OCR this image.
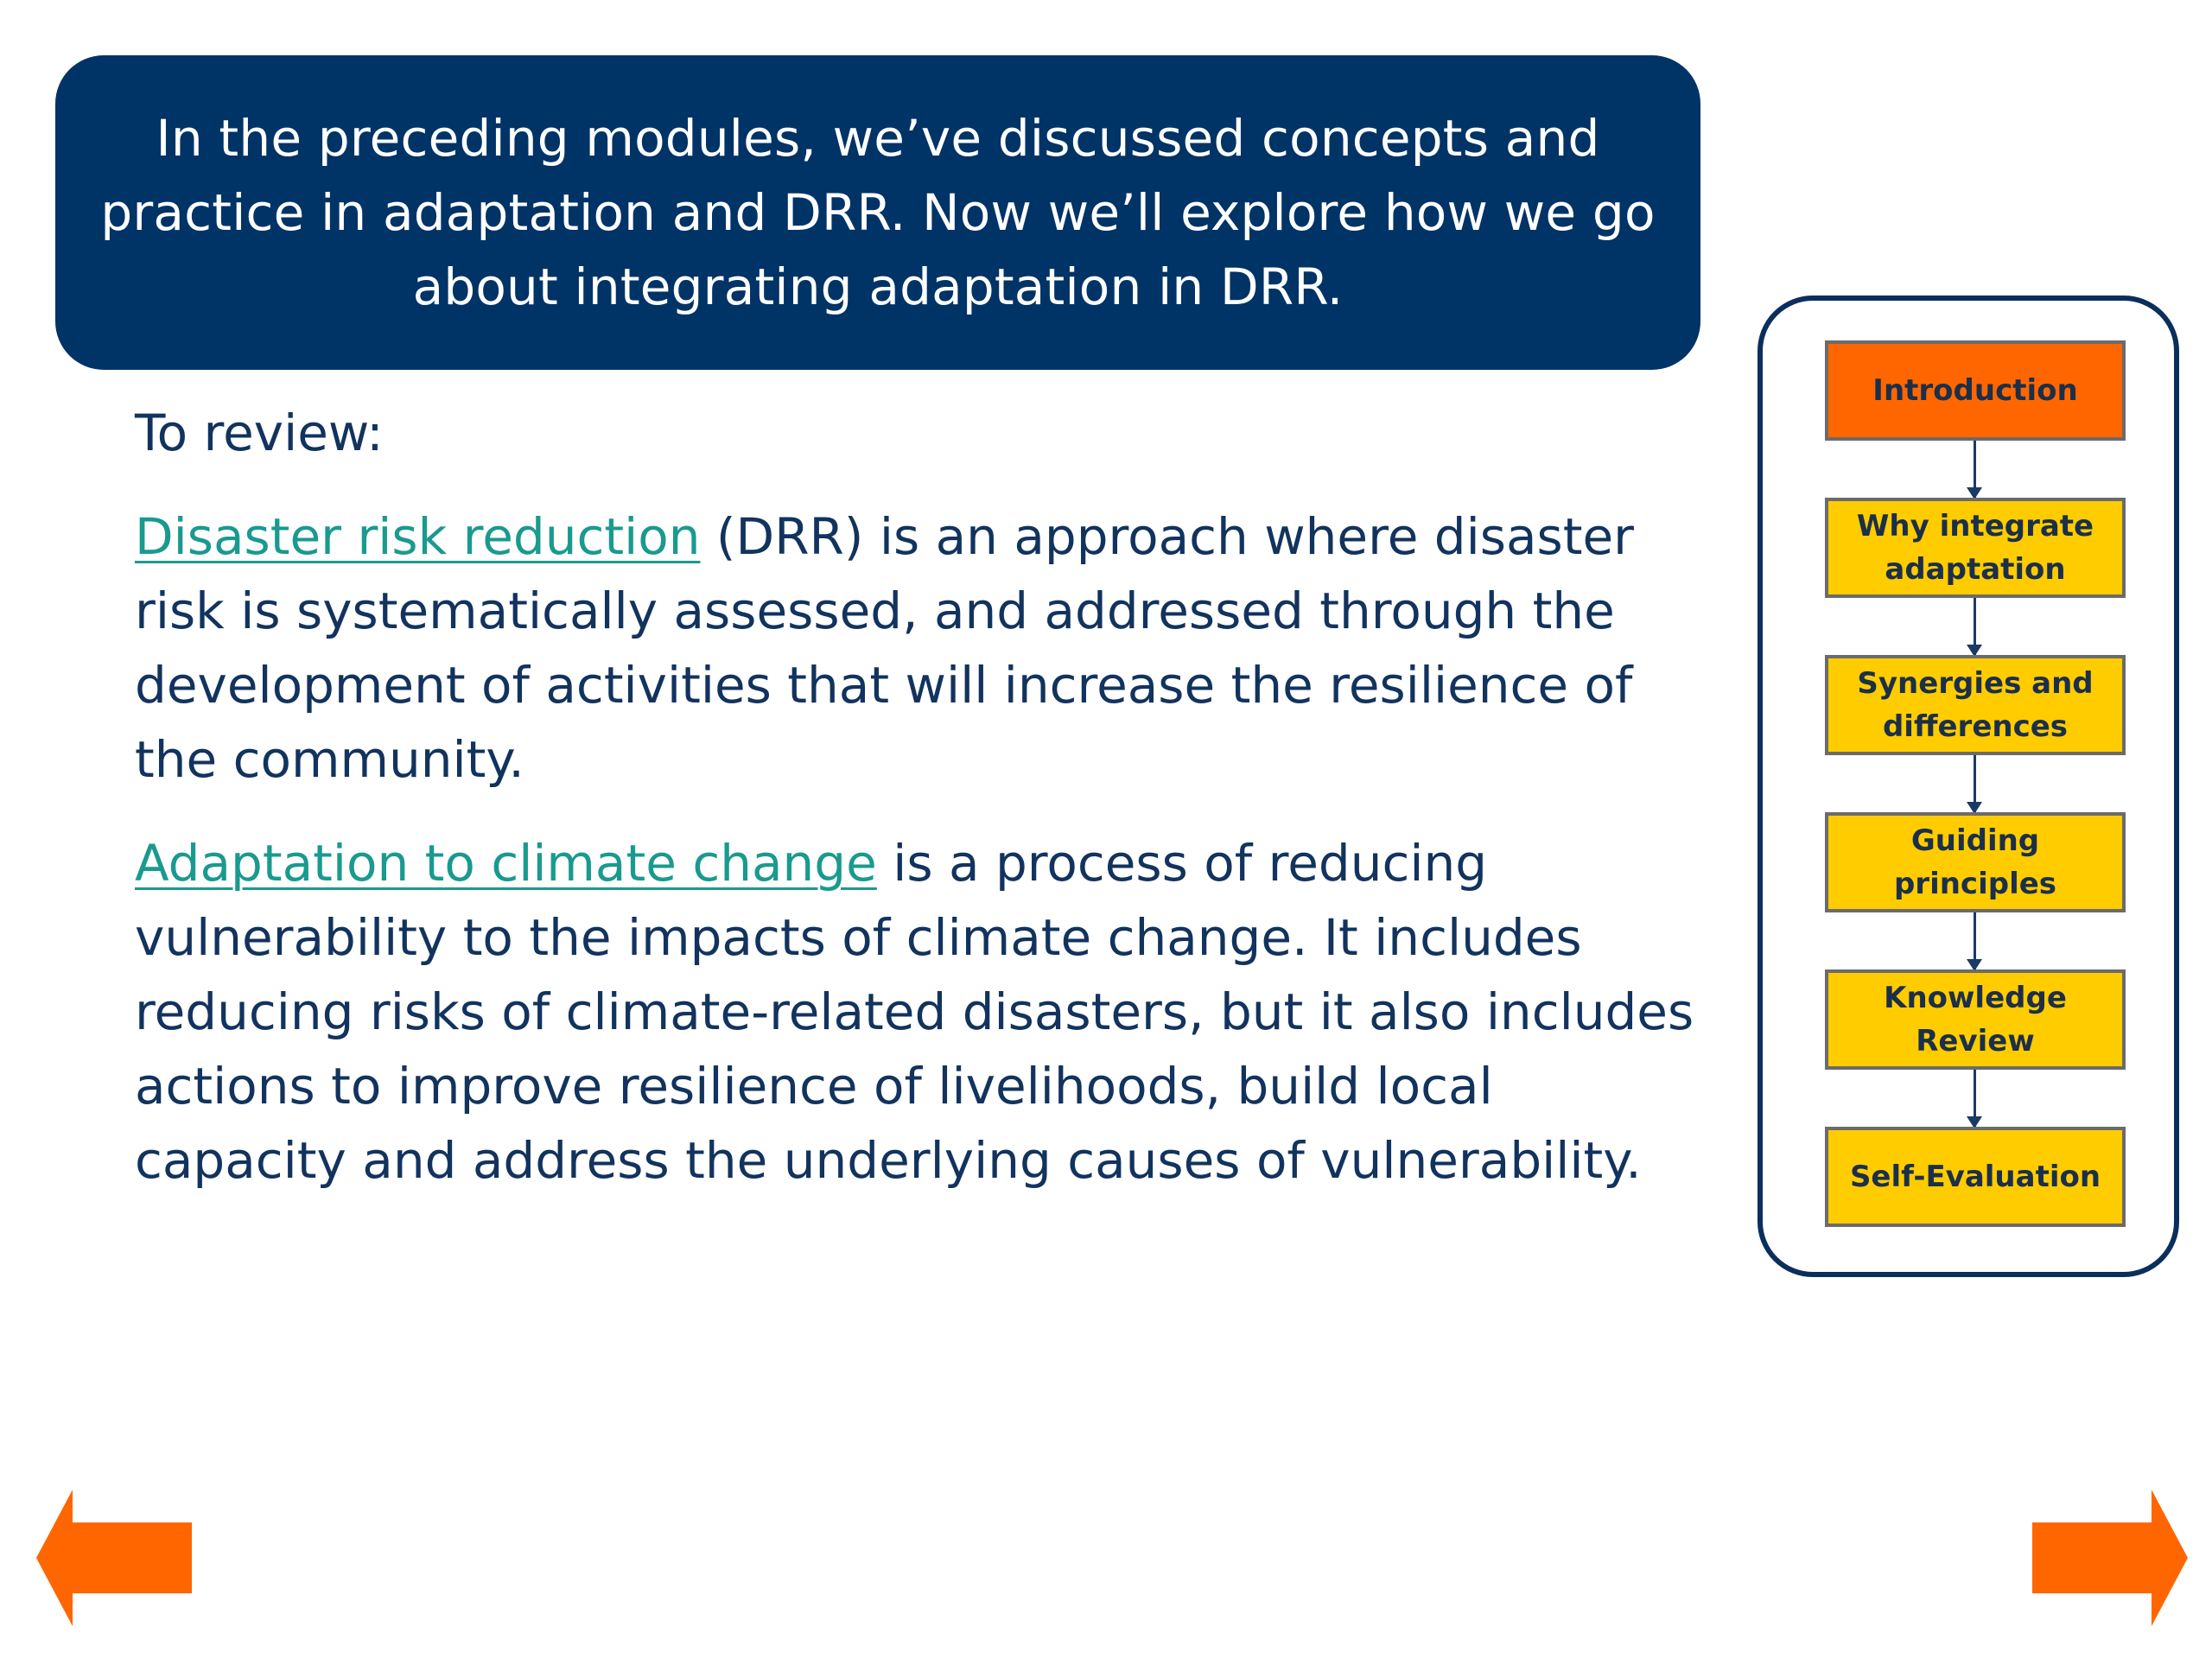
In the preceding modules, we’ve discussed concepts and practice in adaptation and DRR. Now we’ll explore how we go about integrating adaptation in DRR.

To review:

Disaster risk reduction (DRR) is an approach where disaster risk is systematically assessed, and addressed through the development of activities that will increase the resilience of the community.

Adaptation to climate change is a process of reducing vulnerability to the impacts of climate change. It includes reducing risks of climate-related disasters, but it also includes actions to improve resilience of livelihoods, build local capacity and address the underlying causes of vulnerability.

Introduction
Why integrate adaptation
Synergies and differences
Guiding principles
Knowledge Review
Self-Evaluation
